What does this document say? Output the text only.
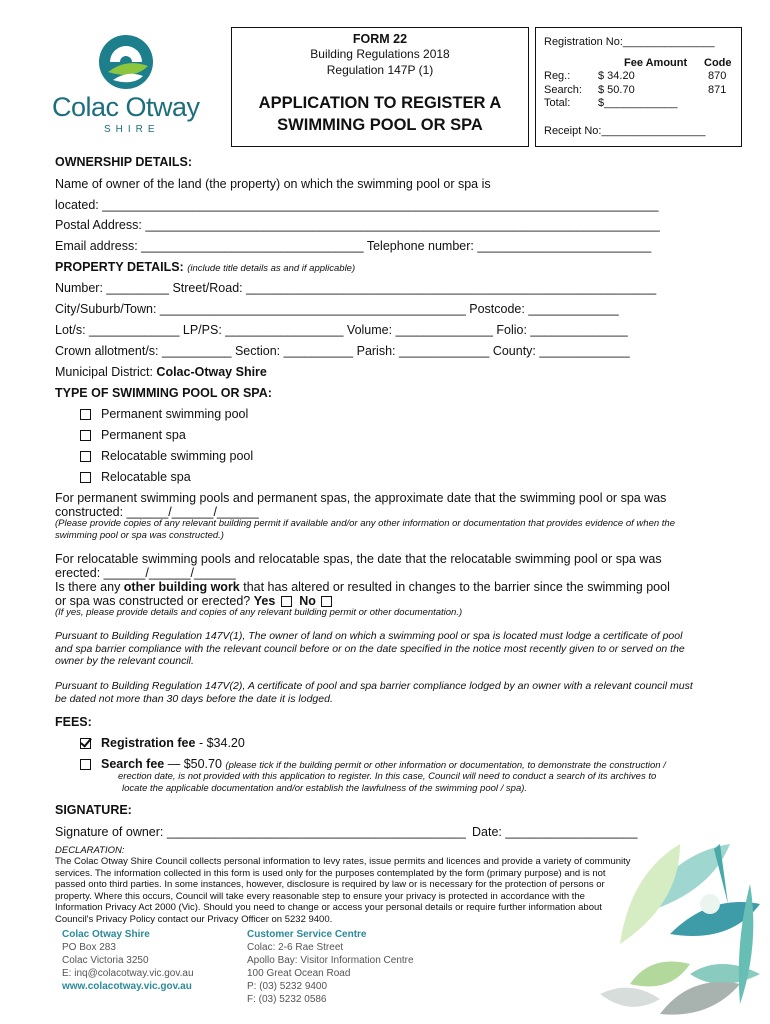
Colac Otway
SHIRE
FORM 22
Building Regulations 2018
Regulation 147P (1)
APPLICATION TO REGISTER A
SWIMMING POOL OR SPA
Registration No:_______________
Fee Amount Code
Reg.:	$ 34.20	870
Search: $ 50.70	871
Total:	$____________
Receipt No:_________________
OWNERSHIP DETAILS:
Name of owner of the land (the property) on which the swimming pool or spa is
located: ________________________________________________________________________________
Postal Address: __________________________________________________________________________
Email address: ________________________________ Telephone number: _________________________
PROPERTY DETAILS: (include title details as and if applicable)
Number: _________ Street/Road: ___________________________________________________________
City/Suburb/Town: ____________________________________________ Postcode: _____________
Lot/s: _____________ LP/PS: _________________ Volume: ______________ Folio: ______________
Crown allotment/s: __________ Section: __________ Parish: _____________ County: _____________
Municipal District: Colac-Otway Shire
TYPE OF SWIMMING POOL OR SPA:
Permanent swimming pool
Permanent spa
Relocatable swimming pool
Relocatable spa
For permanent swimming pools and permanent spas, the approximate date that the swimming pool or spa was
constructed: ______/______/______
(Please provide copies of any relevant building permit if available and/or any other information or documentation that provides evidence of when the swimming pool or spa was constructed.)
For relocatable swimming pools and relocatable spas, the date that the relocatable swimming pool or spa was
erected: ______/______/______
Is there any other building work that has altered or resulted in changes to the barrier since the swimming pool
or spa was constructed or erected? Yes No
(If yes, please provide details and copies of any relevant building permit or other documentation.)
Pursuant to Building Regulation 147V(1), The owner of land on which a swimming pool or spa is located must lodge a certificate of pool and spa barrier compliance with the relevant council before or on the date specified in the notice most recently given to or served on the owner by the relevant council.
Pursuant to Building Regulation 147V(2), A certificate of pool and spa barrier compliance lodged by an owner with a relevant council must be dated not more than 30 days before the date it is lodged.
FEES:
Registration fee - $34.20
Search fee — $50.70 (please tick if the building permit or other information or documentation, to demonstrate the construction /
erection date, is not provided with this application to register. In this case, Council will need to conduct a search of its archives to
locate the applicable documentation and/or establish the lawfulness of the swimming pool / spa).
SIGNATURE:
Signature of owner: ___________________________________________ Date: ___________________
DECLARATION:
The Colac Otway Shire Council collects personal information to levy rates, issue permits and licences and provide a variety of community services. The information collected in this form is used only for the purposes contemplated by the form (primary purpose) and is not passed onto third parties. In some instances, however, disclosure is required by law or is necessary for the protection of persons or property. Where this occurs, Council will take every reasonable step to ensure your privacy is protected in accordance with the Information Privacy Act 2000 (Vic). Should you need to change or access your personal details or require further information about Council's Privacy Policy contact our Privacy Officer on 5232 9400.
Colac Otway Shire
PO Box 283
Colac Victoria 3250
E: inq@colacotway.vic.gov.au
www.colacotway.vic.gov.au
Customer Service Centre
Colac: 2-6 Rae Street
Apollo Bay: Visitor Information Centre
100 Great Ocean Road
P: (03) 5232 9400
F: (03) 5232 0586
